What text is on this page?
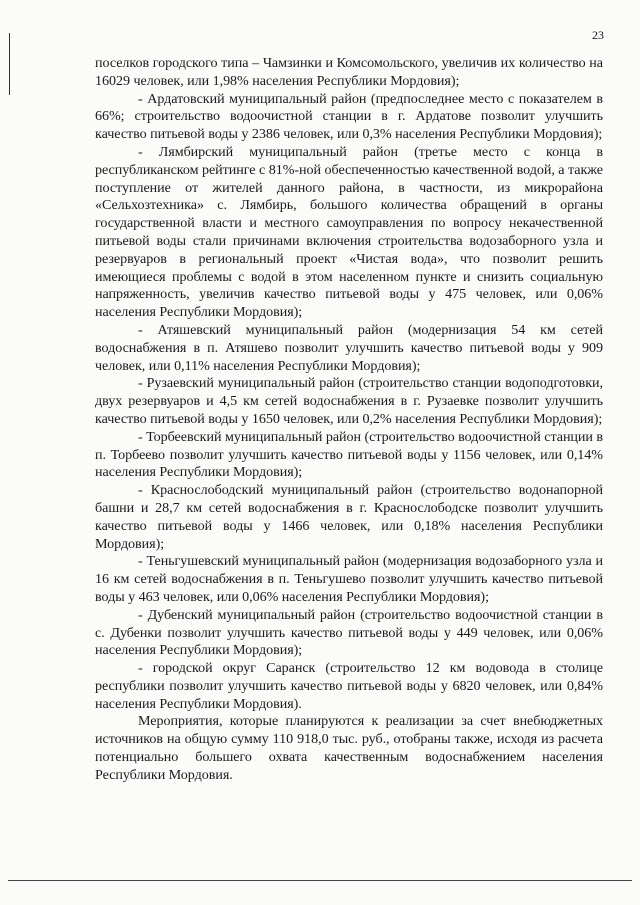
23

поселков городского типа – Чамзинки и Комсомольского, увеличив их количество на 16029 человек, или 1,98% населения Республики Мордовия);

- Ардатовский муниципальный район (предпоследнее место с показателем в 66%; строительство водоочистной станции в г. Ардатове позволит улучшить качество питьевой воды у 2386 человек, или 0,3% населения Республики Мордовия);

- Лямбирский муниципальный район (третье место с конца в республиканском рейтинге с 81%-ной обеспеченностью качественной водой, а также поступление от жителей данного района, в частности, из микрорайона «Сельхозтехника» с. Лямбирь, большого количества обращений в органы государственной власти и местного самоуправления по вопросу некачественной питьевой воды стали причинами включения строительства водозаборного узла и резервуаров в региональный проект «Чистая вода», что позволит решить имеющиеся проблемы с водой в этом населенном пункте и снизить социальную напряженность, увеличив качество питьевой воды у 475 человек, или 0,06% населения Республики Мордовия);

- Атяшевский муниципальный район (модернизация 54 км сетей водоснабжения в п. Атяшево позволит улучшить качество питьевой воды у 909 человек, или 0,11% населения Республики Мордовия);

- Рузаевский муниципальный район (строительство станции водоподготовки, двух резервуаров и 4,5 км сетей водоснабжения в г. Рузаевке позволит улучшить качество питьевой воды у 1650 человек, или 0,2% населения Республики Мордовия);

- Торбеевский муниципальный район (строительство водоочистной станции в п. Торбеево позволит улучшить качество питьевой воды у 1156 человек, или 0,14% населения Республики Мордовия);

- Краснослободский муниципальный район (строительство водонапорной башни и 28,7 км сетей водоснабжения в г. Краснослободске позволит улучшить качество питьевой воды у 1466 человек, или 0,18% населения Республики Мордовия);

- Теньгушевский муниципальный район (модернизация водозаборного узла и 16 км сетей водоснабжения в п. Теньгушево позволит улучшить качество питьевой воды у 463 человек, или 0,06% населения Республики Мордовия);

- Дубенский муниципальный район (строительство водоочистной станции в с. Дубенки позволит улучшить качество питьевой воды у 449 человек, или 0,06% населения Республики Мордовия);

- городской округ Саранск (строительство 12 км водовода в столице республики позволит улучшить качество питьевой воды у 6820 человек, или 0,84% населения Республики Мордовия).

Мероприятия, которые планируются к реализации за счет внебюджетных источников на общую сумму 110 918,0 тыс. руб., отобраны также, исходя из расчета потенциально большего охвата качественным водоснабжением населения Республики Мордовия.
